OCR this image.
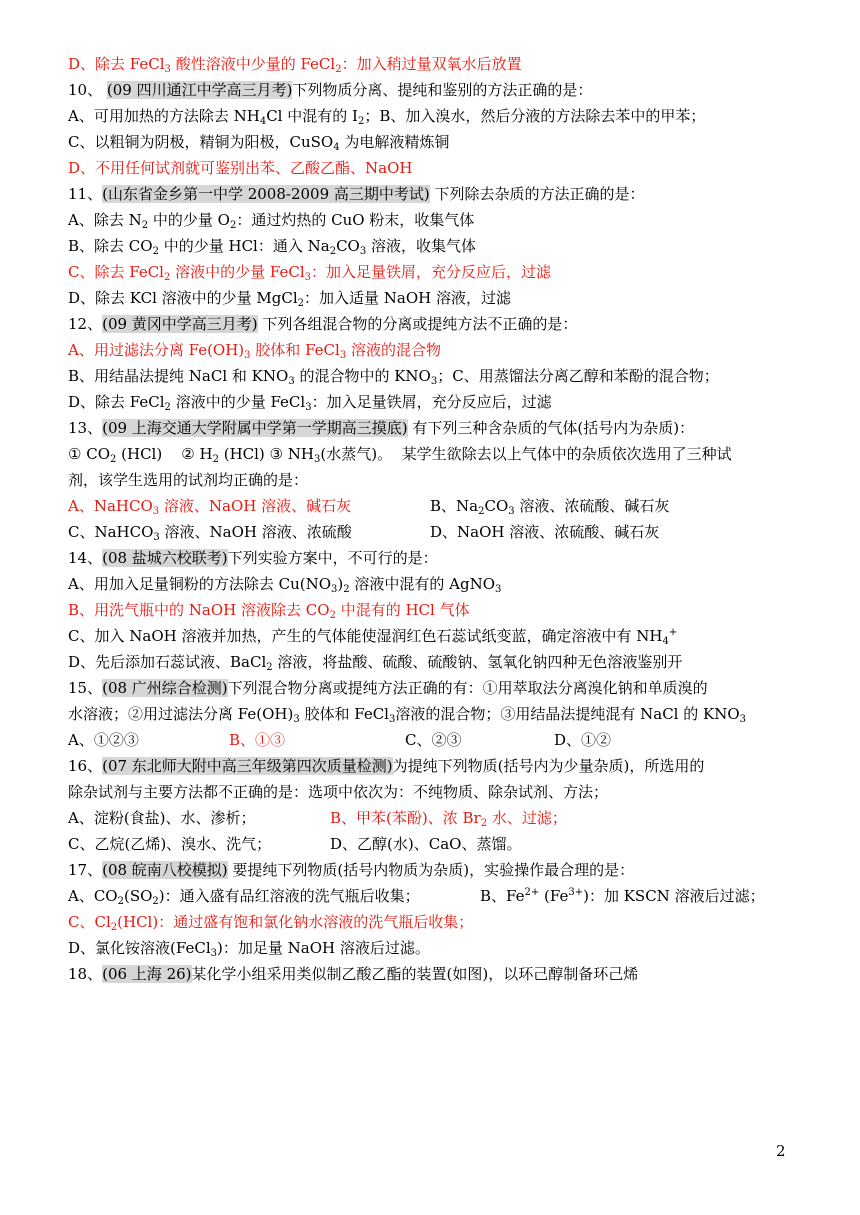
D、除去 FeCl$_3$ 酸性溶液中少量的 FeCl$_2$：加入稍过量双氧水后放置
10、 (09 四川通江中学高三月考)下列物质分离、提纯和鉴别的方法正确的是：
A、可用加热的方法除去 $NH_4Cl$ 中混有的 $I_2$；B、加入溴水，然后分液的方法除去苯中的甲苯；
C、以粗铜为阴极，精铜为阳极，CuSO$_4$ 为电解液精炼铜
D、不用任何试剂就可鉴别出苯、乙酸乙酯、NaOH
11、(山东省金乡第一中学 2008-2009 高三期中考试) 下列除去杂质的方法正确的是：
A、除去 $N_2$ 中的少量 $O_2$：通过灼热的 CuO 粉末，收集气体
B、除去 $CO_2$ 中的少量 HCl：通入 $Na_2CO_3$ 溶液，收集气体
C、除去 FeCl$_2$ 溶液中的少量 FeCl$_3$：加入足量铁屑，充分反应后，过滤
D、除去 KCl 溶液中的少量 MgCl$_2$：加入适量 NaOH 溶液，过滤
12、(09 黄冈中学高三月考) 下列各组混合物的分离或提纯方法不正确的是：
A、用过滤法分离 $Fe(OH)_3$ 胶体和 FeCl$_3$ 溶液的混合物
B、用结晶法提纯 NaCl 和 $KNO_3$ 的混合物中的 $KNO_3$；C、用蒸馏法分离乙醇和苯酚的混合物；
D、除去 FeCl$_2$ 溶液中的少量 FeCl$_3$：加入足量铁屑，充分反应后，过滤
13、(09 上海交通大学附属中学第一学期高三摸底) 有下列三种含杂质的气体(括号内为杂质)：
① $CO_2$ (HCl)    ② $H_2$ (HCl) ③ $NH_3$(水蒸气)。  某学生欲除去以上气体中的杂质依次选用了三种试
剂，该学生选用的试剂均正确的是：
A、NaHCO$_3$ 溶液、NaOH 溶液、碱石灰	B、$Na_2CO_3$ 溶液、浓硫酸、碱石灰
C、NaHCO$_3$ 溶液、NaOH 溶液、浓硫酸	D、NaOH 溶液、浓硫酸、碱石灰
14、(08 盐城六校联考)下列实验方案中，不可行的是：
A、用加入足量铜粉的方法除去 $Cu(NO_3)_2$ 溶液中混有的 AgNO$_3$
B、用洗气瓶中的 NaOH 溶液除去 $CO_2$ 中混有的 HCl 气体
C、加入 NaOH 溶液并加热，产生的气体能使湿润红色石蕊试纸变蓝，确定溶液中有 $NH_4^+$
D、先后添加石蕊试液、BaCl$_2$ 溶液，将盐酸、硫酸、硫酸钠、氢氧化钠四种无色溶液鉴别开
15、(08 广州综合检测)下列混合物分离或提纯方法正确的有：①用萃取法分离溴化钠和单质溴的
水溶液；②用过滤法分离 $Fe(OH)_3$ 胶体和 FeCl$_3$溶液的混合物；③用结晶法提纯混有 NaCl 的 $KNO_3$
A、①②③	B、①③	C、②③	D、①②
16、(07 东北师大附中高三年级第四次质量检测)为提纯下列物质(括号内为少量杂质)，所选用的
除杂试剂与主要方法都不正确的是：选项中依次为：不纯物质、除杂试剂、方法；
A、淀粉(食盐)、水、渗析；	B、甲苯(苯酚)、浓 $Br_2$ 水、过滤；
C、乙烷(乙烯)、溴水、洗气；	D、乙醇(水)、CaO、蒸馏。
17、(08 皖南八校模拟) 要提纯下列物质(括号内物质为杂质)，实验操作最合理的是：
A、$CO_2(SO_2)$：通入盛有品红溶液的洗气瓶后收集；	B、$Fe^{2+}$ $(Fe^{3+})$：加 KSCN 溶液后过滤；
C、$Cl_2(HCl)$：通过盛有饱和氯化钠水溶液的洗气瓶后收集；
D、氯化铵溶液(FeCl$_3$)：加足量 NaOH 溶液后过滤。
18、(06 上海 26)某化学小组采用类似制乙酸乙酯的装置(如图)，以环己醇制备环己烯
2
